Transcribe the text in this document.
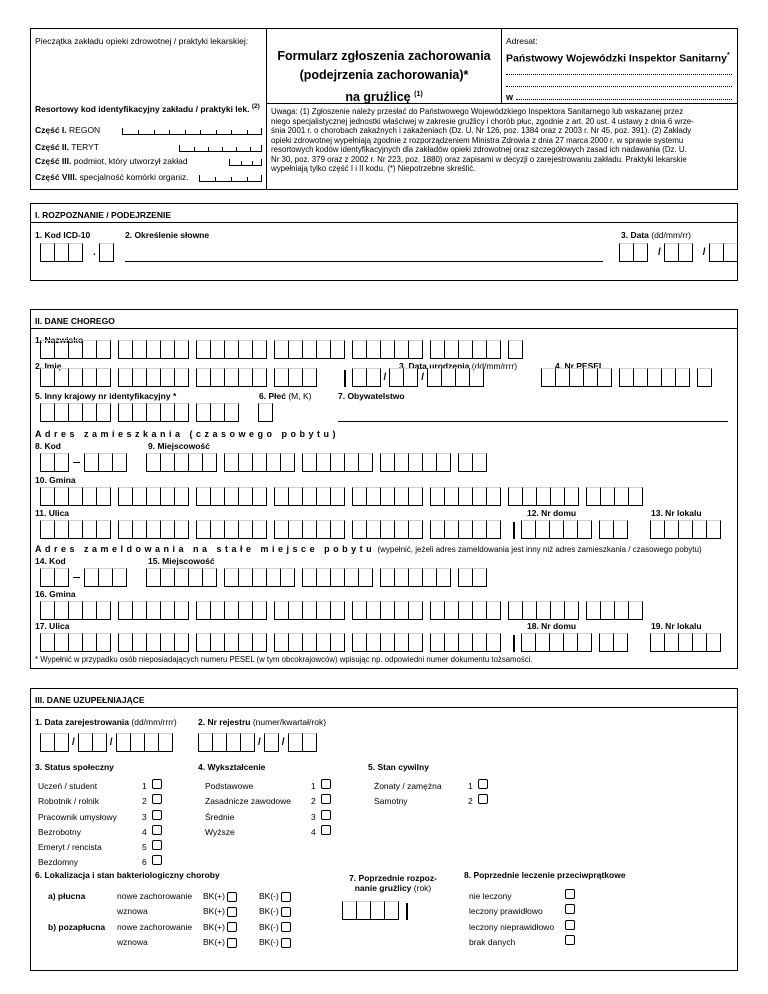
Pieczątka zakładu opieki zdrowotnej / praktyki lekarskiej:
Formularz zgłoszenia zachorowania
(podejrzenia zachorowania)*
na gruźlicę $^{(1)}$
Adresat:
Państwowy Wojewódzki Inspektor Sanitarny*
w
Resortowy kod identyfikacyjny zakładu / praktyki lek. $^{(2)}$
Część I. REGON
Część II. TERYT
Część III. podmiot, który utworzył zakład
Część VIII. specjalność komórki organiz.
Uwaga: (1) Zgłoszenie należy przesłać do Państwowego Wojewódzkiego Inspektora Sanitarnego lub wskazanej przez
niego specjalistycznej jednostki właściwej w zakresie gruźlicy i chorób płuc, zgodnie z art. 20 ust. 4 ustawy z dnia 6 wrze-
śnia 2001 r. o chorobach zakaźnych i zakażeniach (Dz. U. Nr 126, poz. 1384 oraz z 2003 r. Nr 45, poz. 391). (2) Zakłady
opieki zdrowotnej wypełniają zgodnie z rozporządzeniem Ministra Zdrowia z dnia 27 marca 2000 r. w sprawie systemu
resortowych kodów identyfikacyjnych dla zakładów opieki zdrowotnej oraz szczegółowych zasad ich nadawania (Dz. U.
Nr 30, poz. 379 oraz z 2002 r. Nr 223, poz. 1880) oraz zapisami w decyzji o zarejestrowaniu zakładu. Praktyki lekarskie
wypełniają tylko część I i II kodu. (*) Niepotrzebne skreślić.
I. ROZPOZNANIE / PODEJRZENIE
1. Kod ICD-10
.
2. Określenie słowne	3. Data (dd/mm/rr)
/	/
II. DANE CHOREGO
1. Nazwisko
2. Imię	3. Data urodzenia (dd/mm/rrrr)	4. Nr PESEL
/	/
5. Inny krajowy nr identyfikacyjny *	6. Płeć (M, K)	7. Obywatelstwo
Adres zamieszkania (czasowego pobytu)
8. Kod	9. Miejscowość
10. Gmina
11. Ulica	12. Nr domu	13. Nr lokalu
Adres zameldowania na stałe miejsce pobytu (wypełnić, jeżeli adres zameldowania jest inny niż adres zamieszkania / czasowego pobytu)
14. Kod	15. Miejscowość
16. Gmina
17. Ulica	18. Nr domu	19. Nr lokalu
* Wypełnić w przypadku osób nieposiadających numeru PESEL (w tym obcokrajowców) wpisując np. odpowiedni numer dokumentu tożsamości.
III. DANE UZUPEŁNIAJĄCE
1. Data zarejestrowania (dd/mm/rrrr)	2. Nr rejestru (numer/kwartał/rok)
/	/	/ /
3. Status społeczny
Uczeń / student	1
Robotnik / rolnik	2
Pracownik umysłowy	3
Bezrobotny	4
Emeryt / rencista	5
Bezdomny	6
4. Wykształcenie
Podstawowe	1
Zasadnicze zawodowe	2
Średnie	3
Wyższe	4
5. Stan cywilny
Żonaty / zamężna	1
Samotny	2
6. Lokalizacja i stan bakteriologiczny choroby
a) płucna	nowe zachorowanie	BK(+)	BK(-)
wznowa	BK(+)	BK(-)
b) pozapłucna	nowe zachorowanie	BK(+)	BK(-)
wznowa	BK(+)	BK(-)
7. Poprzednie rozpoz-
nanie gruźlicy (rok)
8. Poprzednie leczenie przeciwprątkowe
nie leczony
leczony prawidłowo
leczony nieprawidłowo
brak danych
